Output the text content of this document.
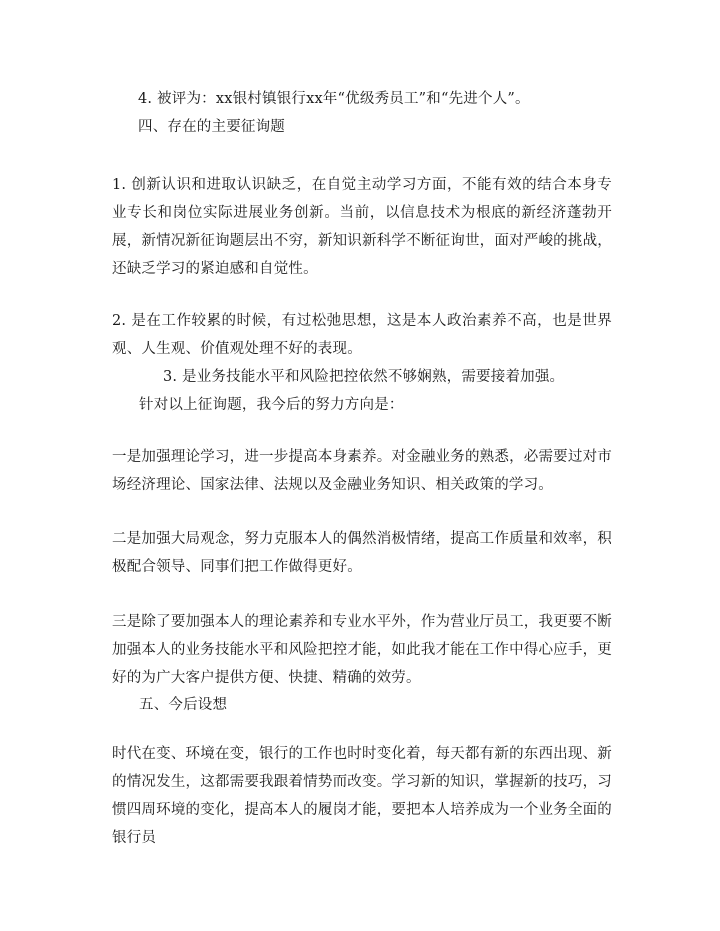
4. 被评为：xx银村镇银行xx年“优级秀员工”和“先进个人”。
四、存在的主要征询题
1. 创新认识和进取认识缺乏，在自觉主动学习方面，不能有效的结合本身专业专长和岗位实际进展业务创新。当前，以信息技术为根底的新经济蓬勃开展，新情况新征询题层出不穷，新知识新科学不断征询世，面对严峻的挑战，还缺乏学习的紧迫感和自觉性。
2. 是在工作较累的时候，有过松弛思想，这是本人政治素养不高，也是世界观、人生观、价值观处理不好的表现。
3. 是业务技能水平和风险把控依然不够娴熟，需要接着加强。
针对以上征询题，我今后的努力方向是：
一是加强理论学习，进一步提高本身素养。对金融业务的熟悉，必需要过对市场经济理论、国家法律、法规以及金融业务知识、相关政策的学习。
二是加强大局观念，努力克服本人的偶然消极情绪，提高工作质量和效率，积极配合领导、同事们把工作做得更好。
三是除了要加强本人的理论素养和专业水平外，作为营业厅员工，我更要不断加强本人的业务技能水平和风险把控才能，如此我才能在工作中得心应手，更好的为广大客户提供方便、快捷、精确的效劳。
五、今后设想
时代在变、环境在变，银行的工作也时时变化着，每天都有新的东西出现、新的情况发生，这都需要我跟着情势而改变。学习新的知识，掌握新的技巧，习惯四周环境的变化，提高本人的履岗才能，要把本人培养成为一个业务全面的银行员
